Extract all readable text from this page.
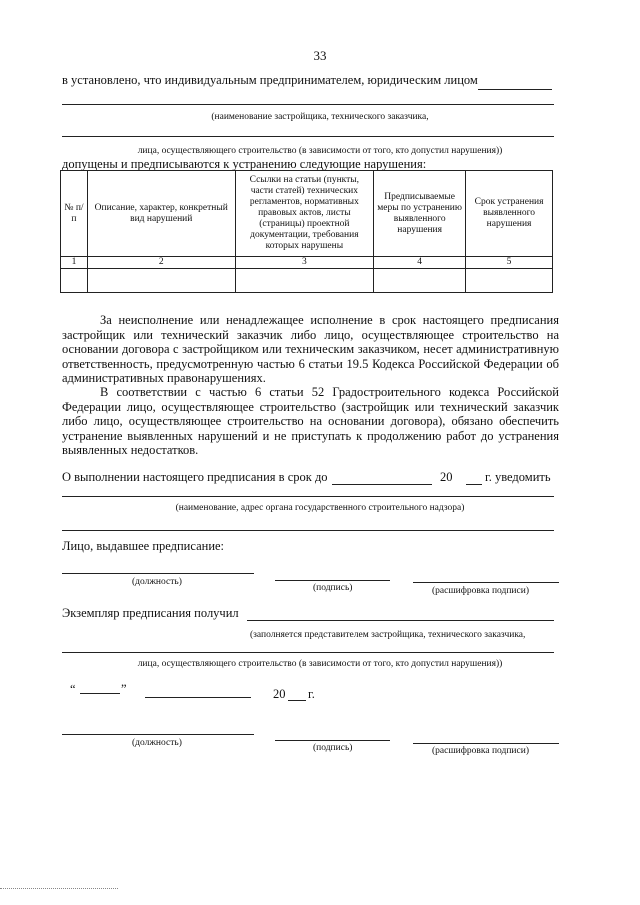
33
в установлено, что индивидуальным предпринимателем, юридическим лицом
(наименование застройщика, технического заказчика,
лица, осуществляющего строительство (в зависимости от того, кто допустил нарушения))
допущены и предписываются к устранению следующие нарушения:
№ п/п	Описание, характер, конкретный вид нарушений	Ссылки на статьи (пункты, части статей) технических регламентов, нормативных правовых актов, листы (страницы) проектной документации, требования которых нарушены	Предписываемые меры по устранению выявленного нарушения	Срок устранения выявленного нарушения
1	2	3	4	5

За неисполнение или ненадлежащее исполнение в срок настоящего предписания застройщик или технический заказчик либо лицо, осуществляющее строительство на основании договора с застройщиком или техническим заказчиком, несет административную ответственность, предусмотренную частью 6 статьи 19.5 Кодекса Российской Федерации об административных правонарушениях.
В соответствии с частью 6 статьи 52 Градостроительного кодекса Российской Федерации лицо, осуществляющее строительство (застройщик или технический заказчик либо лицо, осуществляющее строительство на основании договора), обязано обеспечить устранение выявленных нарушений и не приступать к продолжению работ до устранения выявленных недостатков.
О выполнении настоящего предписания в срок до	20	г. уведомить
(наименование, адрес органа государственного строительного надзора)
Лицо, выдавшее предписание:
(должность)
(подпись)	(расшифровка подписи)
Экземпляр предписания получил
(заполняется представителем застройщика, технического заказчика,
лица, осуществляющего строительство (в зависимости от того, кто допустил нарушения))
“	”	20 г.
(должность)	(подпись)	(расшифровка подписи)
